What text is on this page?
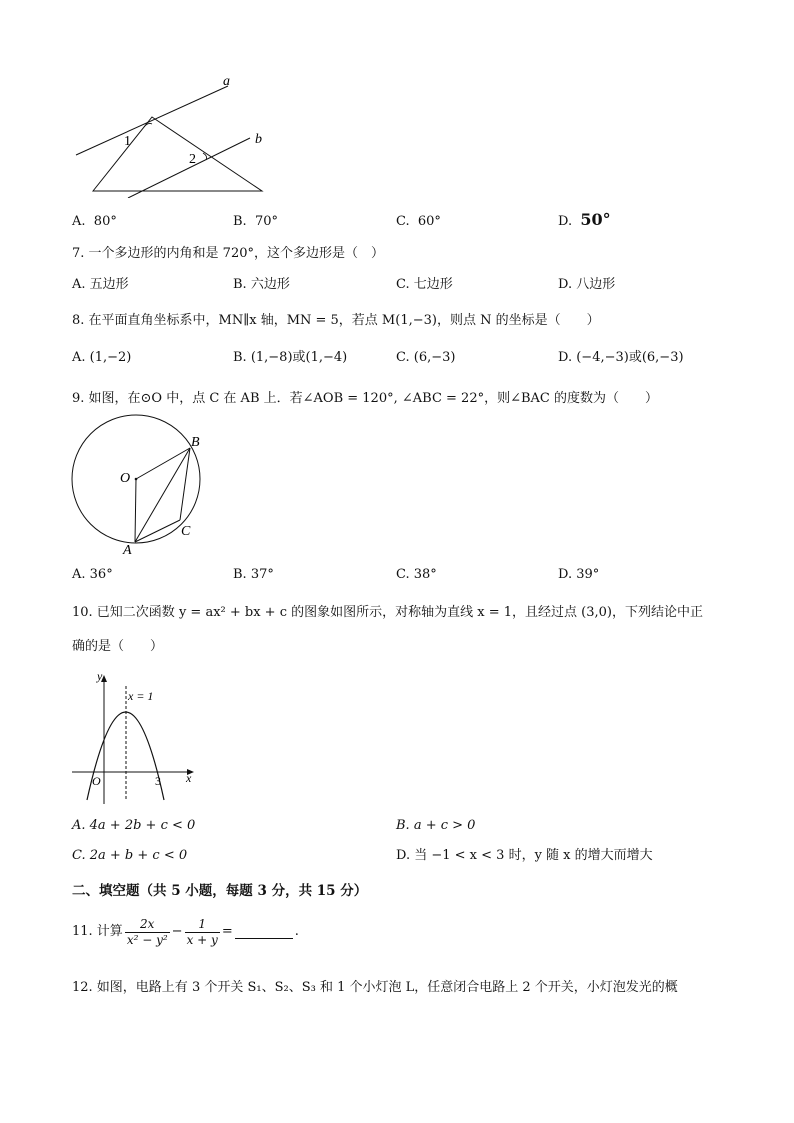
a
b
1
2
A. 80°	B. 70°	C. 60°	D. 50°
7. 一个多边形的内角和是 720°，这个多边形是（　）
A. 五边形	B. 六边形	C. 七边形	D. 八边形
8. 在平面直角坐标系中，MN∥x 轴，MN = 5，若点 M(1,−3)，则点 N 的坐标是（　　）
A. (1,−2)	B. (1,−8)或(1,−4)	C. (6,−3)	D. (−4,−3)或(6,−3)
9. 如图，在⊙O 中，点 C 在 AB 上．若∠AOB = 120°, ∠ABC = 22°，则∠BAC 的度数为（　　）
O
A
B
C
A. 36°	B. 37°	C. 38°	D. 39°
10. 已知二次函数 y = ax² + bx + c 的图象如图所示，对称轴为直线 x = 1，且经过点 (3,0)，下列结论中正
确的是（　　）
y
x
O
x = 1
3
A. 4a + 2b + c < 0	B. a + c > 0
C. 2a + b + c < 0	D. 当 −1 < x < 3 时，y 随 x 的增大而增大
二、填空题（共 5 小题，每题 3 分，共 15 分）
11. 计算 $\frac{2x}{\text{x² − y²}} - \frac{1}{x + y}$ =	.
12. 如图，电路上有 3 个开关 S₁、S₂、S₃ 和 1 个小灯泡 L，任意闭合电路上 2 个开关，小灯泡发光的概
